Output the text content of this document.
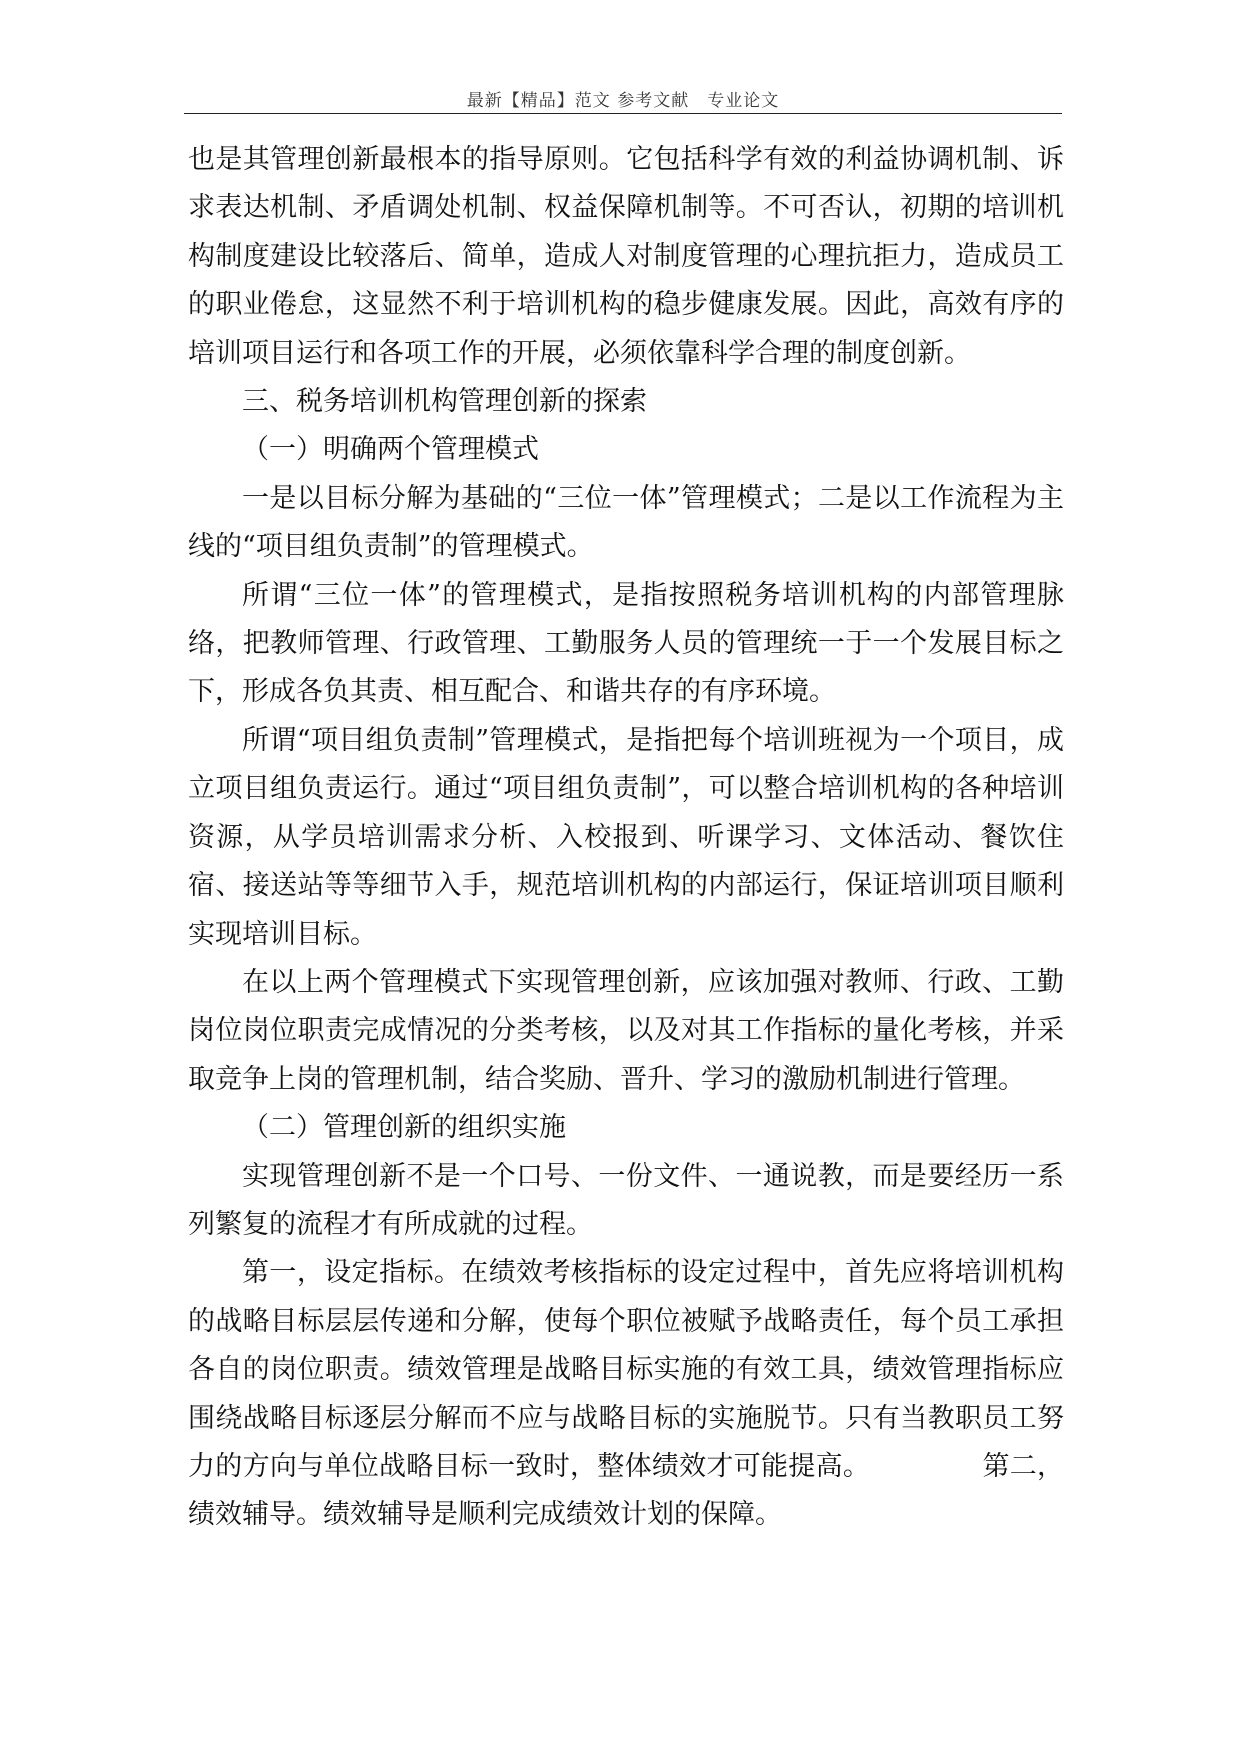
最新【精品】范文 参考文献　专业论文

也是其管理创新最根本的指导原则。它包括科学有效的利益协调机制、诉求表达机制、矛盾调处机制、权益保障机制等。不可否认，初期的培训机构制度建设比较落后、简单，造成人对制度管理的心理抗拒力，造成员工的职业倦怠，这显然不利于培训机构的稳步健康发展。因此，高效有序的培训项目运行和各项工作的开展，必须依靠科学合理的制度创新。

三、税务培训机构管理创新的探索

（一）明确两个管理模式

一是以目标分解为基础的“三位一体”管理模式；二是以工作流程为主线的“项目组负责制”的管理模式。

所谓“三位一体”的管理模式，是指按照税务培训机构的内部管理脉络，把教师管理、行政管理、工勤服务人员的管理统一于一个发展目标之下，形成各负其责、相互配合、和谐共存的有序环境。

所谓“项目组负责制”管理模式，是指把每个培训班视为一个项目，成立项目组负责运行。通过“项目组负责制”，可以整合培训机构的各种培训资源，从学员培训需求分析、入校报到、听课学习、文体活动、餐饮住宿、接送站等等细节入手，规范培训机构的内部运行，保证培训项目顺利实现培训目标。

在以上两个管理模式下实现管理创新，应该加强对教师、行政、工勤岗位岗位职责完成情况的分类考核，以及对其工作指标的量化考核，并采取竞争上岗的管理机制，结合奖励、晋升、学习的激励机制进行管理。

（二）管理创新的组织实施

实现管理创新不是一个口号、一份文件、一通说教，而是要经历一系列繁复的流程才有所成就的过程。

第一，设定指标。在绩效考核指标的设定过程中，首先应将培训机构的战略目标层层传递和分解，使每个职位被赋予战略责任，每个员工承担各自的岗位职责。绩效管理是战略目标实施的有效工具，绩效管理指标应围绕战略目标逐层分解而不应与战略目标的实施脱节。只有当教职员工努力的方向与单位战略目标一致时，整体绩效才可能提高。	第二，绩效辅导。绩效辅导是顺利完成绩效计划的保障。
